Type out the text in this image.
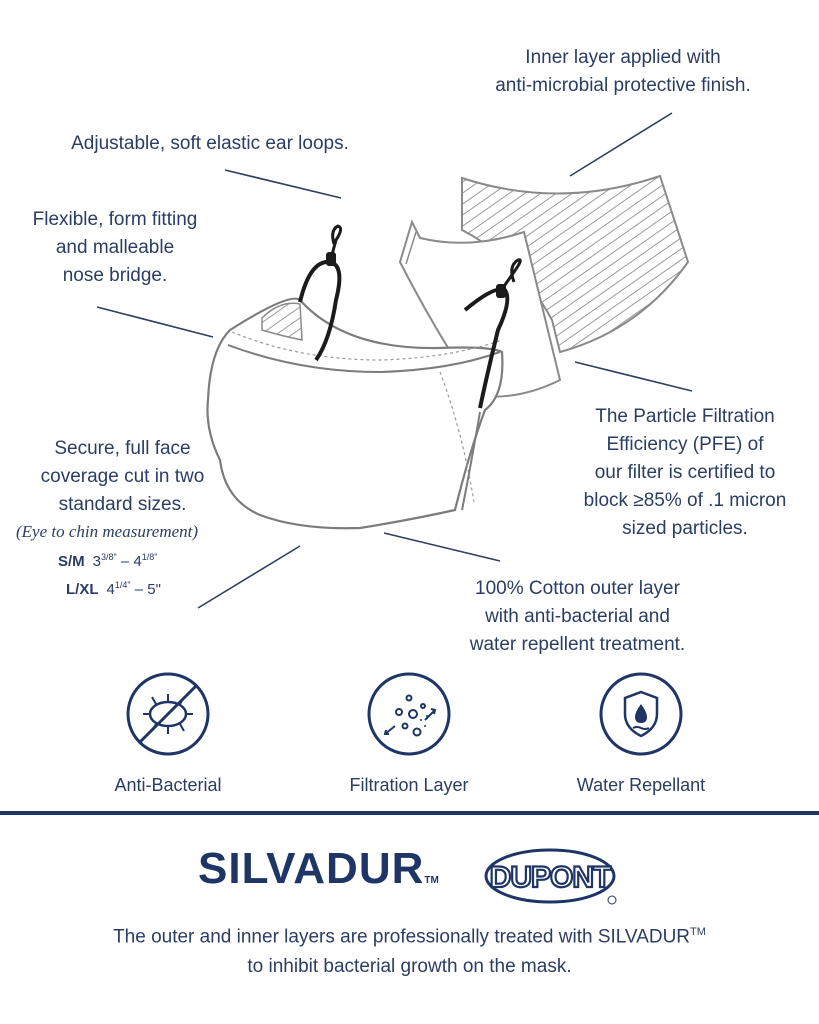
Inner layer applied with
anti-microbial protective finish.
Adjustable, soft elastic ear loops.
Flexible, form fitting
and malleable
nose bridge.
Secure, full face
coverage cut in two
standard sizes.
(Eye to chin measurement)
S/M $3^{3/8"} - 4^{1/8"}$
L/XL $4^{1/4"} - 5$"
The Particle Filtration
Efficiency (PFE) of
our filter is certified to
block ≥85% of .1 micron
sized particles.
100% Cotton outer layer
with anti-bacterial and
water repellent treatment.
Anti-Bacterial	Filtration Layer	Water Repellant
SILVADURTM DUPONT
The outer and inner layers are professionally treated with SILVADUR™
to inhibit bacterial growth on the mask.
